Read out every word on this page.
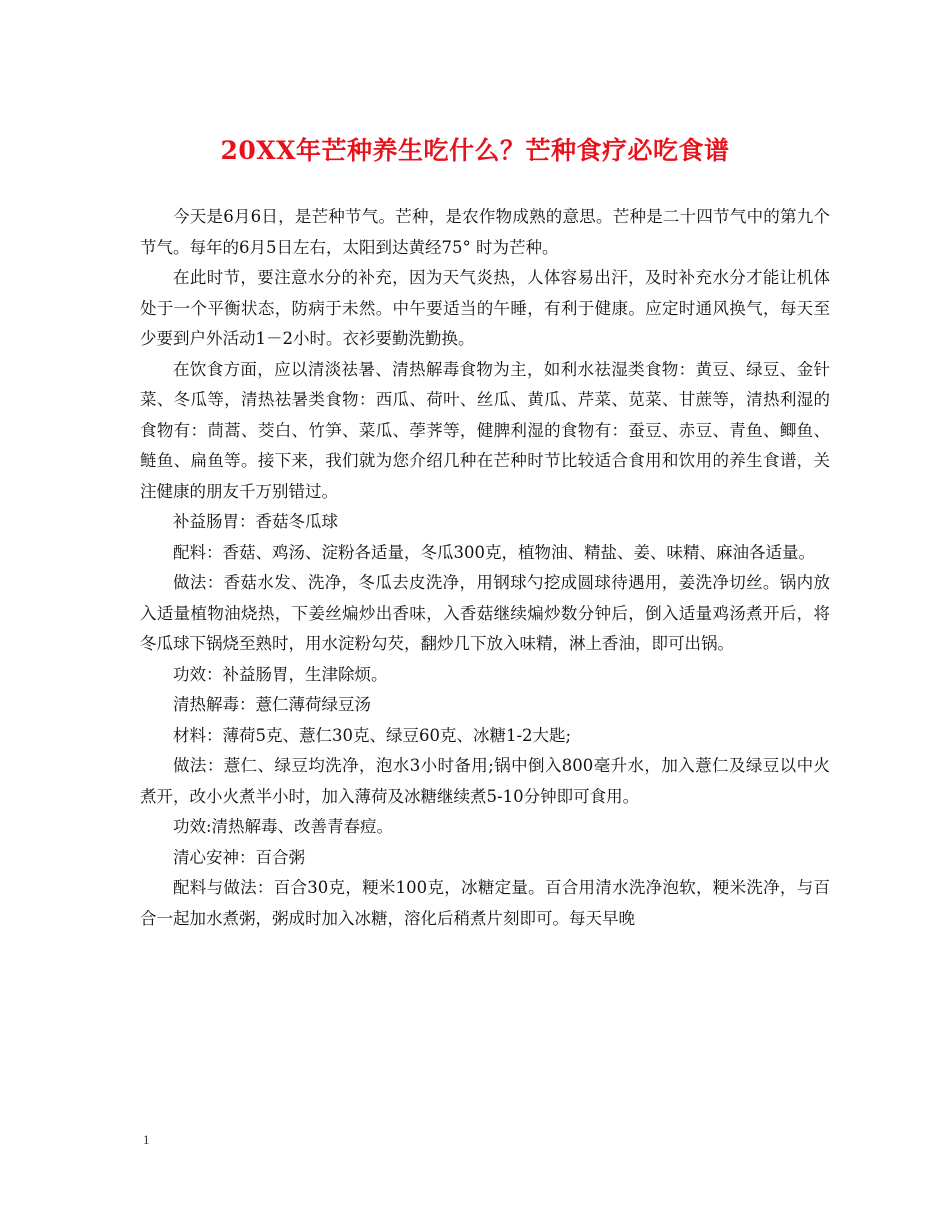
20XX年芒种养生吃什么？芒种食疗必吃食谱

今天是6月6日，是芒种节气。芒种，是农作物成熟的意思。芒种是二十四节气中的第九个节气。每年的6月5日左右，太阳到达黄经75° 时为芒种。

在此时节，要注意水分的补充，因为天气炎热，人体容易出汗，及时补充水分才能让机体处于一个平衡状态，防病于未然。中午要适当的午睡，有利于健康。应定时通风换气，每天至少要到户外活动1－2小时。衣衫要勤洗勤换。

在饮食方面，应以清淡祛暑、清热解毒食物为主，如利水祛湿类食物：黄豆、绿豆、金针菜、冬瓜等，清热祛暑类食物：西瓜、荷叶、丝瓜、黄瓜、芹菜、苋菜、甘蔗等，清热利湿的食物有：茼蒿、茭白、竹笋、菜瓜、荸荠等，健脾利湿的食物有：蚕豆、赤豆、青鱼、鲫鱼、鲢鱼、扁鱼等。接下来，我们就为您介绍几种在芒种时节比较适合食用和饮用的养生食谱，关注健康的朋友千万别错过。

补益肠胃：香菇冬瓜球

配料：香菇、鸡汤、淀粉各适量，冬瓜300克，植物油、精盐、姜、味精、麻油各适量。

做法：香菇水发、洗净，冬瓜去皮洗净，用钢球勺挖成圆球待遇用，姜洗净切丝。锅内放入适量植物油烧热，下姜丝煸炒出香味，入香菇继续煸炒数分钟后，倒入适量鸡汤煮开后，将冬瓜球下锅烧至熟时，用水淀粉勾芡，翻炒几下放入味精，淋上香油，即可出锅。

功效：补益肠胃，生津除烦。

清热解毒：薏仁薄荷绿豆汤

材料：薄荷5克、薏仁30克、绿豆60克、冰糖1-2大匙;

做法：薏仁、绿豆均洗净，泡水3小时备用;锅中倒入800毫升水，加入薏仁及绿豆以中火煮开，改小火煮半小时，加入薄荷及冰糖继续煮5-10分钟即可食用。

功效:清热解毒、改善青春痘。

清心安神：百合粥

配料与做法：百合30克，粳米100克，冰糖定量。百合用清水洗净泡软，粳米洗净，与百合一起加水煮粥，粥成时加入冰糖，溶化后稍煮片刻即可。每天早晚

1
